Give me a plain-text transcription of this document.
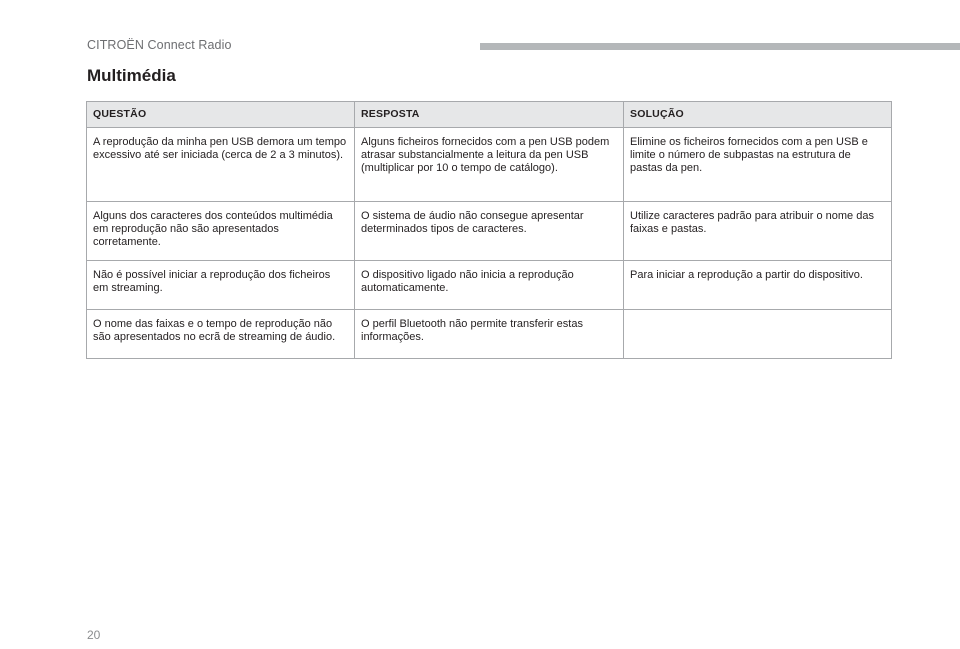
CITROËN Connect Radio
Multimédia
QUESTÃO	RESPOSTA	SOLUÇÃO
A reprodução da minha pen USB demora um tempo excessivo até ser iniciada (cerca de 2 a 3 minutos).	Alguns ficheiros fornecidos com a pen USB podem atrasar substancialmente a leitura da pen USB (multiplicar por 10 o tempo de catálogo).	Elimine os ficheiros fornecidos com a pen USB e limite o número de subpastas na estrutura de pastas da pen.
Alguns dos caracteres dos conteúdos multimédia em reprodução não são apresentados corretamente.	O sistema de áudio não consegue apresentar determinados tipos de caracteres.	Utilize caracteres padrão para atribuir o nome das faixas e pastas.
Não é possível iniciar a reprodução dos ficheiros em streaming.	O dispositivo ligado não inicia a reprodução automaticamente.	Para iniciar a reprodução a partir do dispositivo.
O nome das faixas e o tempo de reprodução não são apresentados no ecrã de streaming de áudio.	O perfil Bluetooth não permite transferir estas informações.	
20
